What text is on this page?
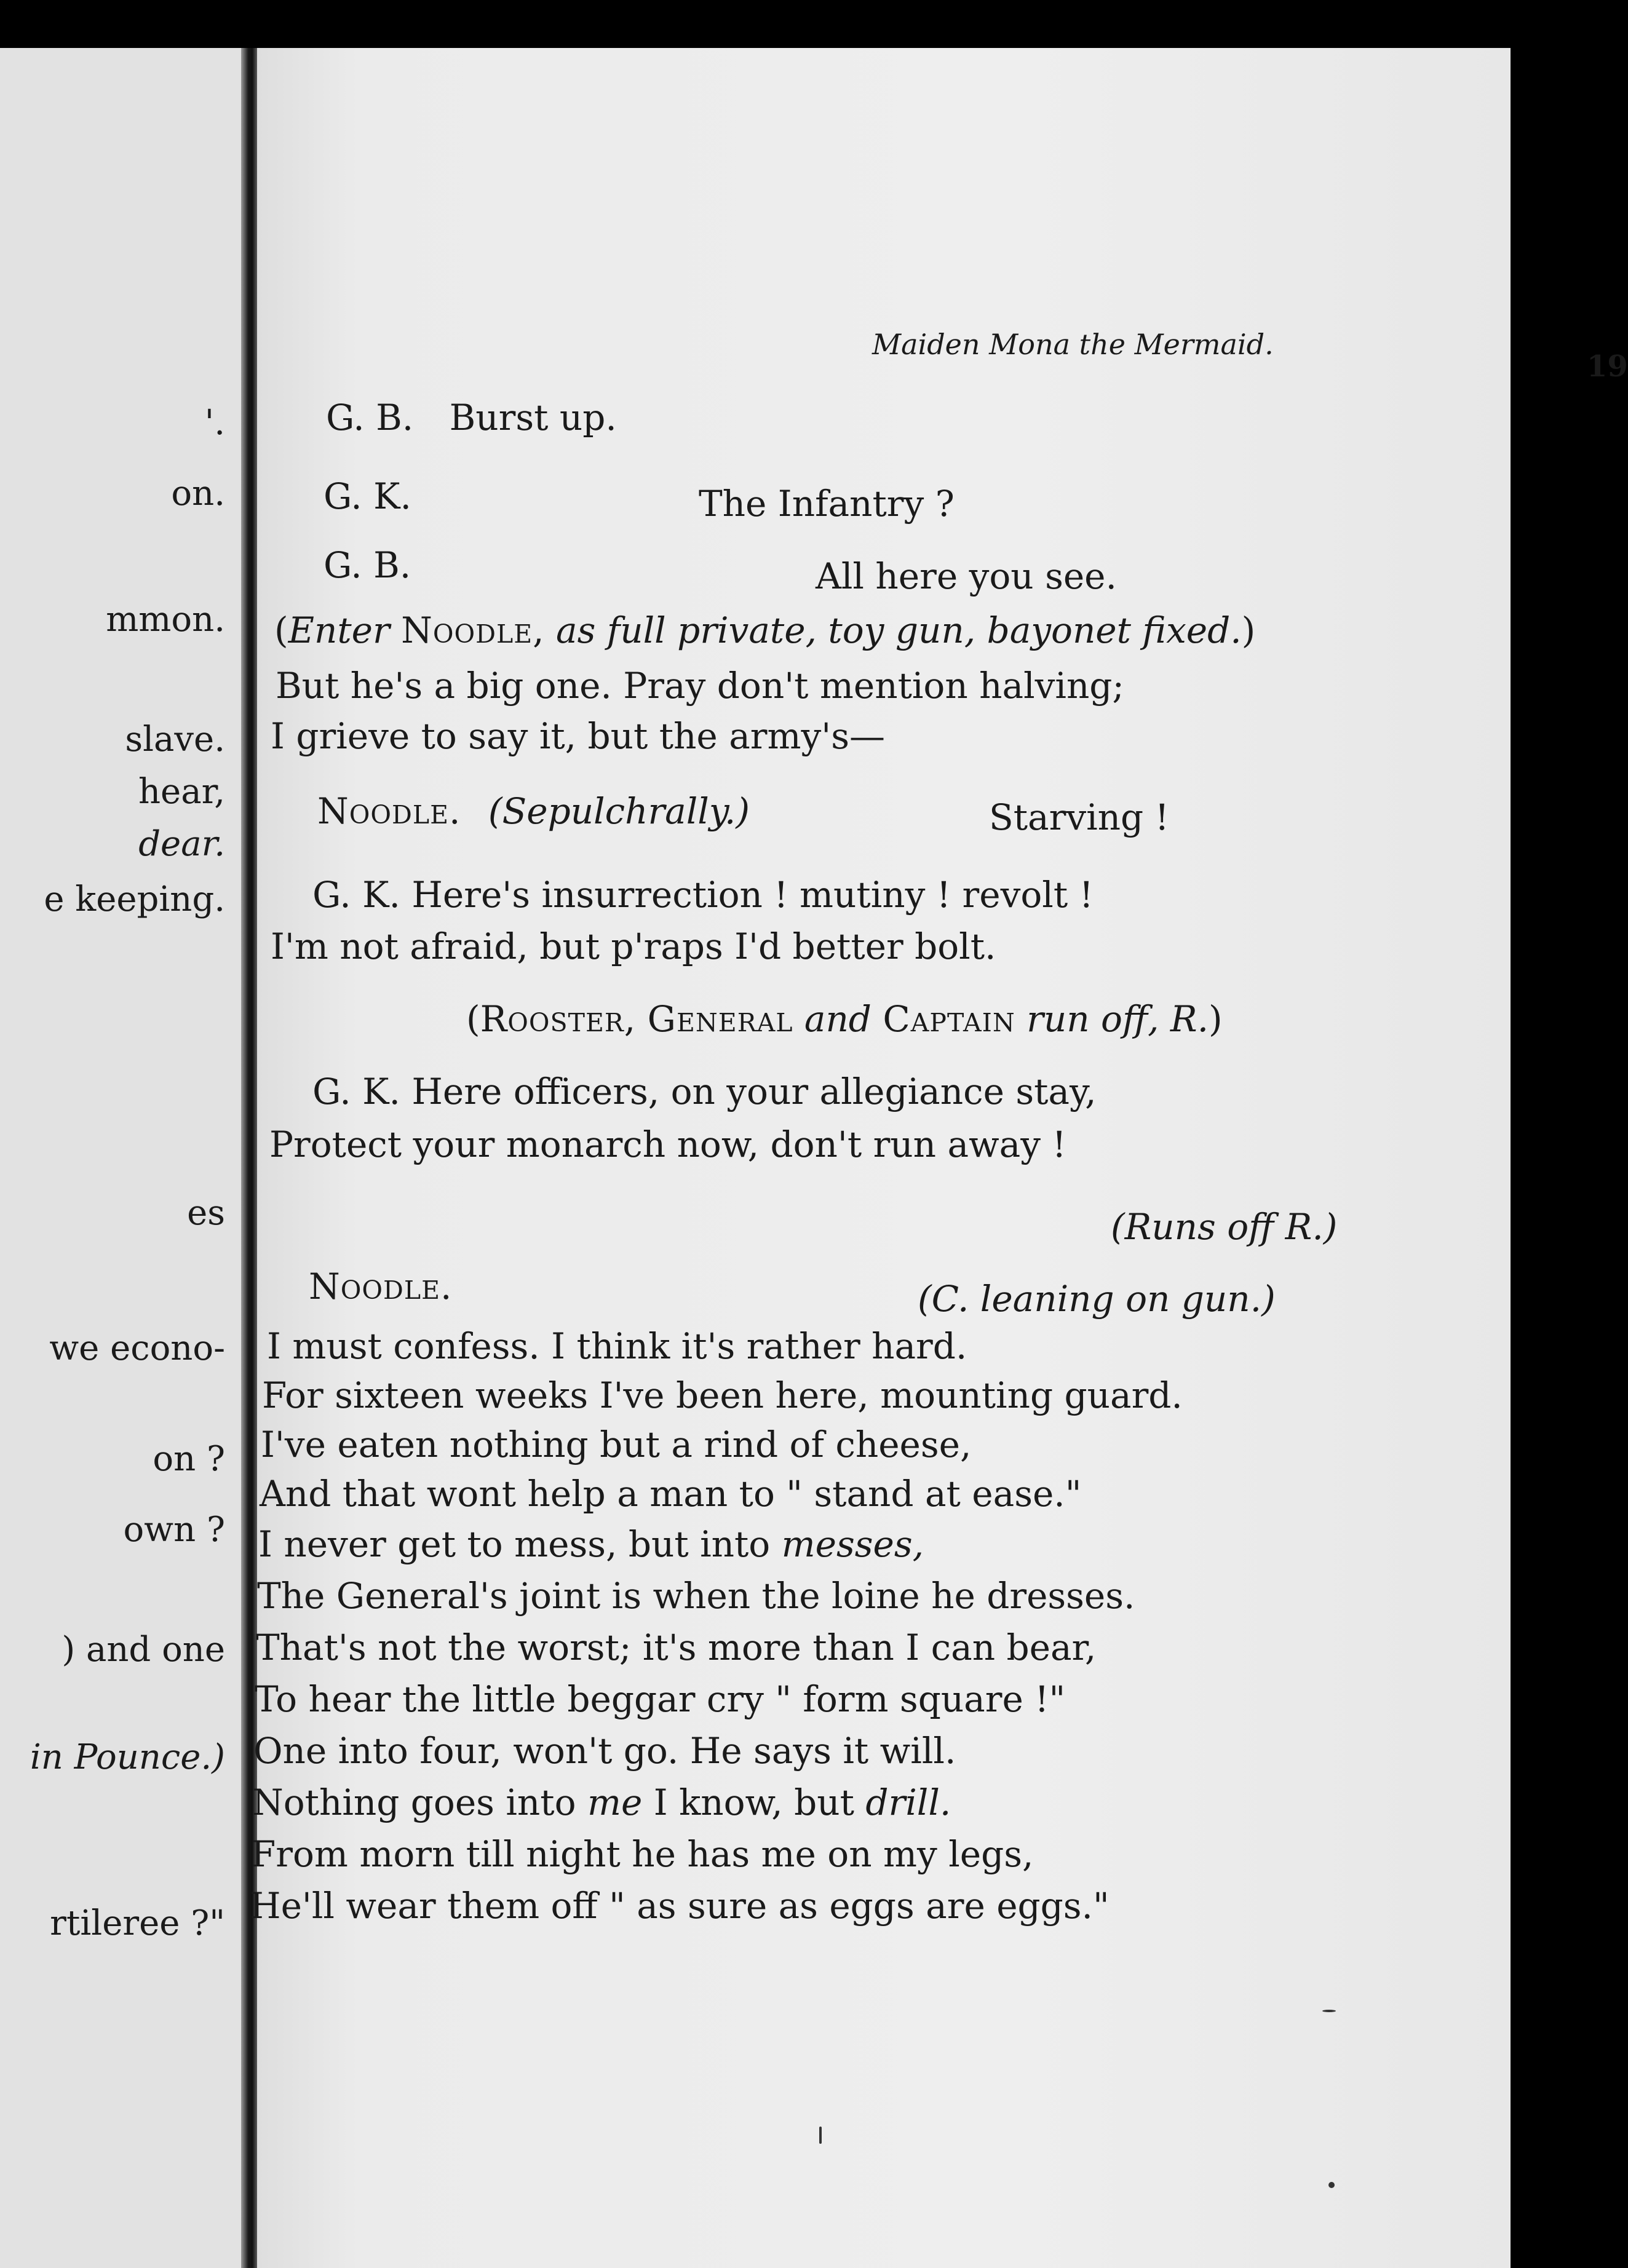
'.
on.
mmon.
slave.
hear,
dear.
e keeping.
es
we econo-
on ?
own ?
) and one
in Pounce.)
rtileree ?"
Maiden Mona the Mermaid.
19
G. B. Burst up.
G. K.	The Infantry ?
G. B.	All here you see.
(Enter Noodle, as full private, toy gun, bayonet fixed.)
But he's a big one. Pray don't mention halving;
I grieve to say it, but the army's—
Noodle. (Sepulchrally.)	Starving !
G. K. Here's insurrection ! mutiny ! revolt !
I'm not afraid, but p'raps I'd better bolt.
(Rooster, General and Captain run off, R.)
G. K. Here officers, on your allegiance stay,
Protect your monarch now, don't run away !
(Runs off R.)
Noodle.	(C. leaning on gun.)
I must confess. I think it's rather hard.
For sixteen weeks I've been here, mounting guard.
I've eaten nothing but a rind of cheese,
And that wont help a man to " stand at ease."
I never get to mess, but into messes,
The General's joint is when the loine he dresses.
That's not the worst; it's more than I can bear,
To hear the little beggar cry " form square !"
One into four, won't go. He says it will.
Nothing goes into me I know, but drill.
From morn till night he has me on my legs,
He'll wear them off " as sure as eggs are eggs."
